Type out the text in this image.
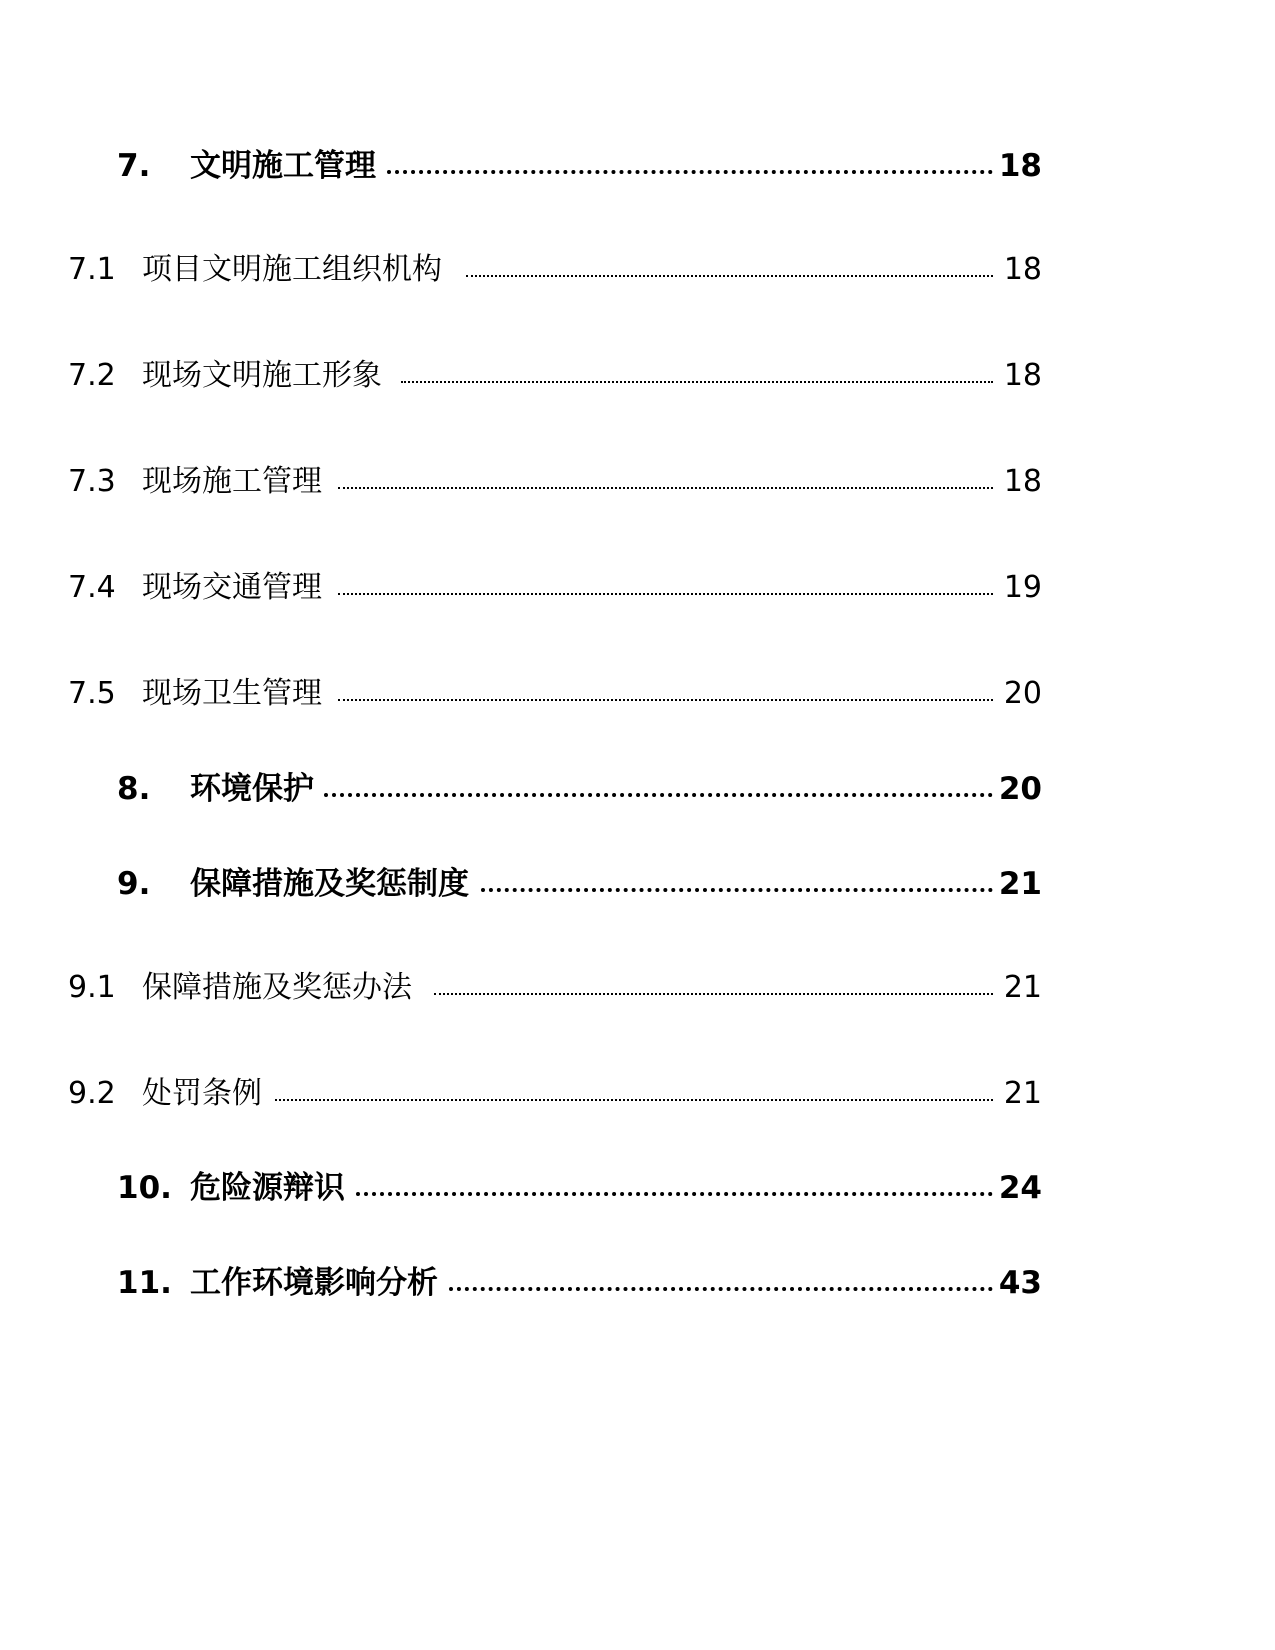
7. 文明施工管理	18
7.1 项目文明施工组织机构	18
7.2 现场文明施工形象	18
7.3 现场施工管理	18
7.4 现场交通管理	19
7.5 现场卫生管理	20
8. 环境保护	20
9. 保障措施及奖惩制度	21
9.1 保障措施及奖惩办法	21
9.2 处罚条例	21
10. 危险源辩识	24
11. 工作环境影响分析	43
